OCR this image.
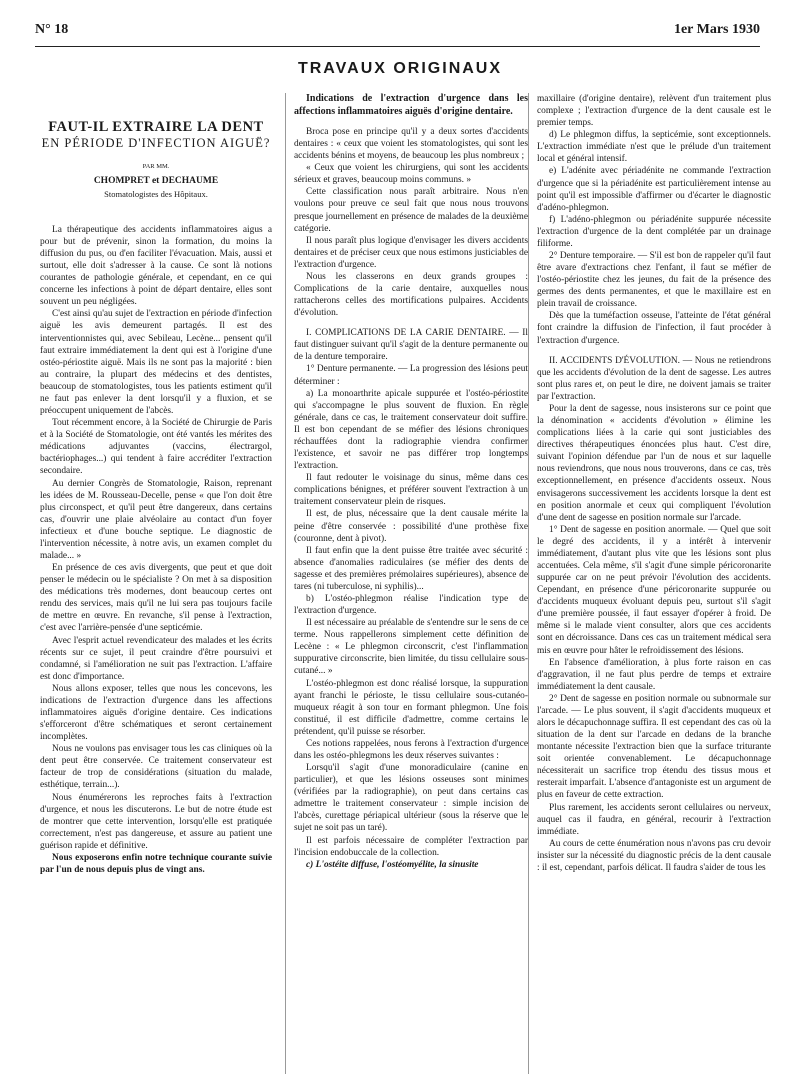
N° 18	1er Mars 1930
TRAVAUX ORIGINAUX
FAUT-IL EXTRAIRE LA DENT
EN PÉRIODE D'INFECTION AIGUË?
PAR MM.
CHOMPRET et DECHAUME
Stomatologistes des Hôpitaux.

La thérapeutique des accidents inflammatoires aigus a pour but de prévenir, sinon la formation, du moins la diffusion du pus, ou d'en faciliter l'évacuation. Mais, aussi et surtout, elle doit s'adresser à la cause. Ce sont là notions courantes de pathologie générale, et cependant, en ce qui concerne les infections à point de départ dentaire, elles sont souvent un peu négligées.

C'est ainsi qu'au sujet de l'extraction en période d'infection aiguë les avis demeurent partagés. Il est des interventionnistes qui, avec Sebileau, Lecène... pensent qu'il faut extraire immédiatement la dent qui est à l'origine d'une ostéo-périostite aiguë. Mais ils ne sont pas la majorité : bien au contraire, la plupart des médecins et des dentistes, beaucoup de stomatologistes, tous les patients estiment qu'il ne faut pas enlever la dent lorsqu'il y a fluxion, et se préoccupent uniquement de l'abcès.

Tout récemment encore, à la Société de Chirurgie de Paris et à la Société de Stomatologie, ont été vantés les mérites des médications adjuvantes (vaccins, électrargol, bactériophages...) qui tendent à faire accréditer l'extraction secondaire.

Au dernier Congrès de Stomatologie, Raison, reprenant les idées de M. Rousseau-Decelle, pense « que l'on doit être plus circonspect, et qu'il peut être dangereux, dans certains cas, d'ouvrir une plaie alvéolaire au contact d'un foyer infectieux et d'une bouche septique. Le diagnostic de l'intervention nécessite, à notre avis, un examen complet du malade... »

En présence de ces avis divergents, que peut et que doit penser le médecin ou le spécialiste ? On met à sa disposition des médications très modernes, dont beaucoup certes ont rendu des services, mais qu'il ne lui sera pas toujours facile de mettre en œuvre. En revanche, s'il pense à l'extraction, c'est avec l'arrière-pensée d'une septicémie.

Avec l'esprit actuel revendicateur des malades et les écrits récents sur ce sujet, il peut craindre d'être poursuivi et condamné, si l'amélioration ne suit pas l'extraction. L'affaire est donc d'importance.

Nous allons exposer, telles que nous les concevons, les indications de l'extraction d'urgence dans les affections inflammatoires aiguës d'origine dentaire. Ces indications s'efforceront d'être schématiques et seront certainement incomplètes.

Nous ne voulons pas envisager tous les cas cliniques où la dent peut être conservée. Ce traitement conservateur est facteur de trop de considérations (situation du malade, esthétique, terrain...).

Nous énumérerons les reproches faits à l'extraction d'urgence, et nous les discuterons. Le but de notre étude est de montrer que cette intervention, lorsqu'elle est pratiquée correctement, n'est pas dangereuse, et assure au patient une guérison rapide et définitive.

Nous exposerons enfin notre technique courante suivie par l'un de nous depuis plus de vingt ans.

Indications de l'extraction d'urgence dans les affections inflammatoires aiguës d'origine dentaire.

Broca pose en principe qu'il y a deux sortes d'accidents dentaires : « ceux que voient les stomatologistes, qui sont les accidents bénins et moyens, de beaucoup les plus nombreux ;

« Ceux que voient les chirurgiens, qui sont les accidents sérieux et graves, beaucoup moins communs. »

Cette classification nous paraît arbitraire. Nous n'en voulons pour preuve ce seul fait que nous nous trouvons presque journellement en présence de malades de la deuxième catégorie.

Il nous paraît plus logique d'envisager les divers accidents dentaires et de préciser ceux que nous estimons justiciables de l'extraction d'urgence.

Nous les classerons en deux grands groupes : Complications de la carie dentaire, auxquelles nous rattacherons celles des mortifications pulpaires. Accidents d'évolution.

I. COMPLICATIONS DE LA CARIE DENTAIRE. — Il faut distinguer suivant qu'il s'agit de la denture permanente ou de la denture temporaire.

1° Denture permanente. — La progression des lésions peut déterminer :

a) La monoarthrite apicale suppurée et l'ostéo-périostite qui s'accompagne le plus souvent de fluxion. En règle générale, dans ce cas, le traitement conservateur doit suffire. Il est bon cependant de se méfier des lésions chroniques réchauffées dont la radiographie viendra confirmer l'existence, et savoir ne pas différer trop longtemps l'extraction.

Il faut redouter le voisinage du sinus, même dans ces complications bénignes, et préférer souvent l'extraction à un traitement conservateur plein de risques.

Il est, de plus, nécessaire que la dent causale mérite la peine d'être conservée : possibilité d'une prothèse fixe (couronne, dent à pivot).

Il faut enfin que la dent puisse être traitée avec sécurité : absence d'anomalies radiculaires (se méfier des dents de sagesse et des premières prémolaires supérieures), absence de tares (ni tuberculose, ni syphilis)...

b) L'ostéo-phlegmon réalise l'indication type de l'extraction d'urgence.

Il est nécessaire au préalable de s'entendre sur le sens de ce terme. Nous rappellerons simplement cette définition de Lecène : « Le phlegmon circonscrit, c'est l'inflammation suppurative circonscrite, bien limitée, du tissu cellulaire sous-cutané... »

L'ostéo-phlegmon est donc réalisé lorsque, la suppuration ayant franchi le périoste, le tissu cellulaire sous-cutanéo-muqueux réagit à son tour en formant phlegmon. Une fois constitué, il est difficile d'admettre, comme certains le prétendent, qu'il puisse se résorber.

Ces notions rappelées, nous ferons à l'extraction d'urgence dans les ostéo-phlegmons les deux réserves suivantes :

Lorsqu'il s'agit d'une monoradiculaire (canine en particulier), et que les lésions osseuses sont minimes (vérifiées par la radiographie), on peut dans certains cas admettre le traitement conservateur : simple incision de l'abcès, curettage périapical ultérieur (sous la réserve que le sujet ne soit pas un taré).

Il est parfois nécessaire de compléter l'extraction par l'incision endobuccale de la collection.

c) L'ostéite diffuse, l'ostéomyélite, la sinusite

maxillaire (d'origine dentaire), relèvent d'un traitement plus complexe ; l'extraction d'urgence de la dent causale est le premier temps.

d) Le phlegmon diffus, la septicémie, sont exceptionnels. L'extraction immédiate n'est que le prélude d'un traitement local et général intensif.

e) L'adénite avec périadénite ne commande l'extraction d'urgence que si la périadénite est particulièrement intense au point qu'il est impossible d'affirmer ou d'écarter le diagnostic d'adéno-phlegmon.

f) L'adéno-phlegmon ou périadénite suppurée nécessite l'extraction d'urgence de la dent complétée par un drainage filiforme.

2° Denture temporaire. — S'il est bon de rappeler qu'il faut être avare d'extractions chez l'enfant, il faut se méfier de l'ostéo-périostite chez les jeunes, du fait de la présence des germes des dents permanentes, et que le maxillaire est en plein travail de croissance.

Dès que la tuméfaction osseuse, l'atteinte de l'état général font craindre la diffusion de l'infection, il faut procéder à l'extraction d'urgence.

II. ACCIDENTS D'ÉVOLUTION. — Nous ne retiendrons que les accidents d'évolution de la dent de sagesse. Les autres sont plus rares et, on peut le dire, ne doivent jamais se traiter par l'extraction.

Pour la dent de sagesse, nous insisterons sur ce point que la dénomination « accidents d'évolution » élimine les complications liées à la carie qui sont justiciables des directives thérapeutiques énoncées plus haut. C'est dire, suivant l'opinion défendue par l'un de nous et sur laquelle nous reviendrons, que nous nous trouverons, dans ce cas, très exceptionnellement, en présence d'accidents osseux. Nous envisagerons successivement les accidents lorsque la dent est en position anormale et ceux qui compliquent l'évolution d'une dent de sagesse en position normale sur l'arcade.

1° Dent de sagesse en position anormale. — Quel que soit le degré des accidents, il y a intérêt à intervenir immédiatement, d'autant plus vite que les lésions sont plus accentuées. Cela même, s'il s'agit d'une simple péricoronarite suppurée car on ne peut prévoir l'évolution des accidents. Cependant, en présence d'une péricoronarite suppurée ou d'accidents muqueux évoluant depuis peu, surtout s'il s'agit d'une première poussée, il faut essayer d'opérer à froid. De même si le malade vient consulter, alors que ces accidents sont en décroissance. Dans ces cas un traitement médical sera mis en œuvre pour hâter le refroidissement des lésions.

En l'absence d'amélioration, à plus forte raison en cas d'aggravation, il ne faut plus perdre de temps et extraire immédiatement la dent causale.

2° Dent de sagesse en position normale ou subnormale sur l'arcade. — Le plus souvent, il s'agit d'accidents muqueux et alors le décapuchonnage suffira. Il est cependant des cas où la situation de la dent sur l'arcade en dedans de la branche montante nécessite l'extraction bien que la surface triturante soit orientée convenablement. Le décapuchonnage nécessiterait un sacrifice trop étendu des tissus mous et resterait imparfait. L'absence d'antagoniste est un argument de plus en faveur de cette extraction.

Plus rarement, les accidents seront cellulaires ou nerveux, auquel cas il faudra, en général, recourir à l'extraction immédiate.

Au cours de cette énumération nous n'avons pas cru devoir insister sur la nécessité du diagnostic précis de la dent causale : il est, cependant, parfois délicat. Il faudra s'aider de tous les
